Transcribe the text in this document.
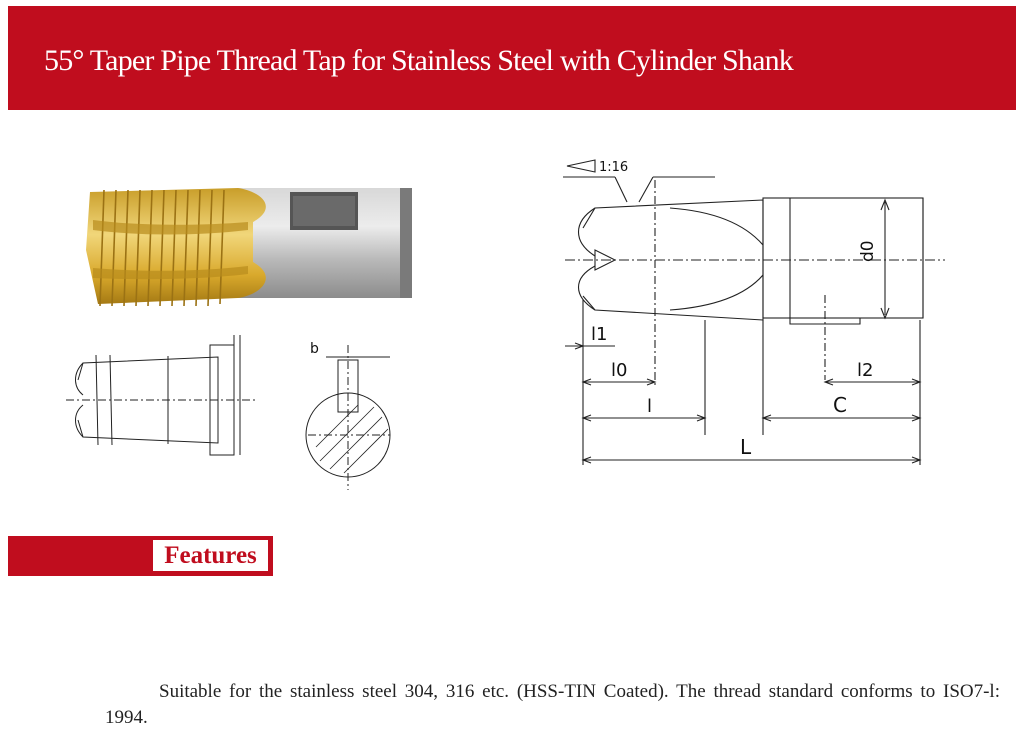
55° Taper Pipe Thread Tap for Stainless Steel with Cylinder Shank
b
1:16
d0
l1
l0
l
l2
C
L
Features

Suitable for the stainless steel 304, 316 etc. (HSS-TIN Coated). The thread standard conforms to ISO7-l: 1994.
